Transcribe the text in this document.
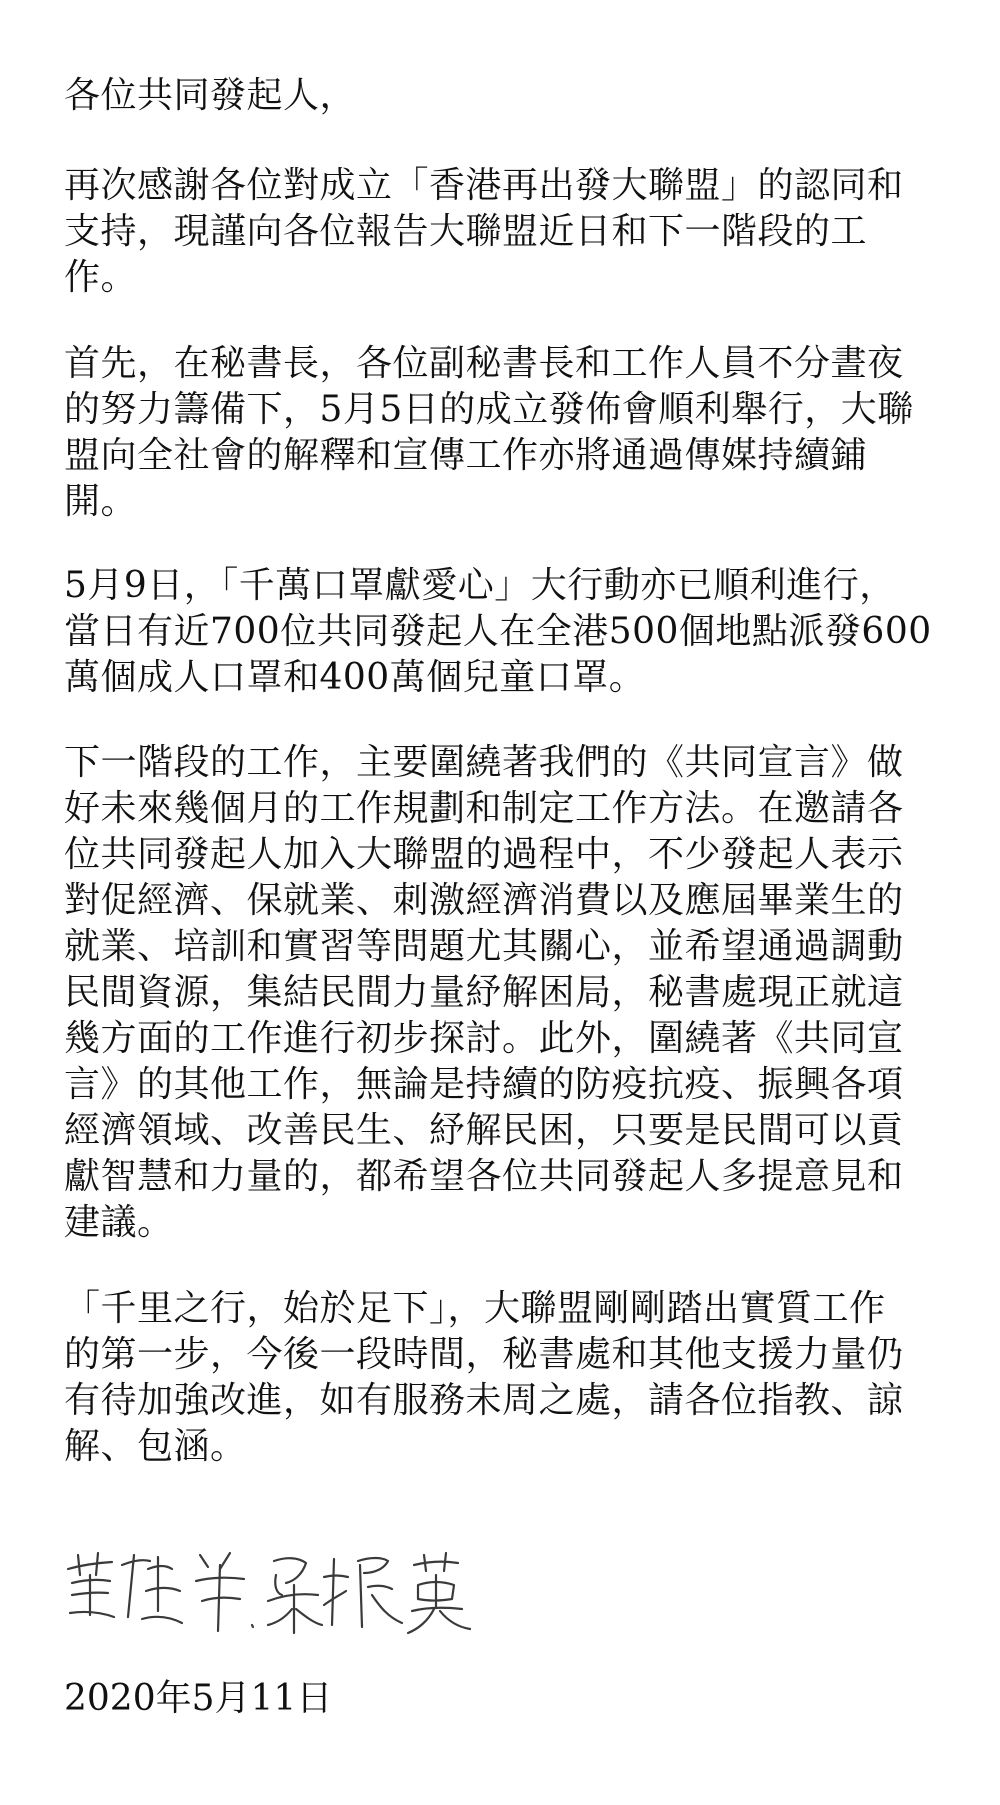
各位共同發起人，
再次感謝各位對成立「香港再出發大聯盟」的認同和
支持，現謹向各位報告大聯盟近日和下一階段的工
作。
首先，在秘書長，各位副秘書長和工作人員不分晝夜
的努力籌備下，5月5日的成立發佈會順利舉行，大聯
盟向全社會的解釋和宣傳工作亦將通過傳媒持續鋪
開。
5月9日，「千萬口罩獻愛心」大行動亦已順利進行，
當日有近700位共同發起人在全港500個地點派發600
萬個成人口罩和400萬個兒童口罩。
下一階段的工作，主要圍繞著我們的《共同宣言》做
好未來幾個月的工作規劃和制定工作方法。在邀請各
位共同發起人加入大聯盟的過程中，不少發起人表示
對促經濟、保就業、刺激經濟消費以及應屆畢業生的
就業、培訓和實習等問題尤其關心，並希望通過調動
民間資源，集結民間力量紓解困局，秘書處現正就這
幾方面的工作進行初步探討。此外，圍繞著《共同宣
言》的其他工作，無論是持續的防疫抗疫、振興各項
經濟領域、改善民生、紓解民困，只要是民間可以貢
獻智慧和力量的，都希望各位共同發起人多提意見和
建議。
「千里之行，始於足下」，大聯盟剛剛踏出實質工作
的第一步，今後一段時間，秘書處和其他支援力量仍
有待加強改進，如有服務未周之處，請各位指教、諒
解、包涵。
2020年5月11日
